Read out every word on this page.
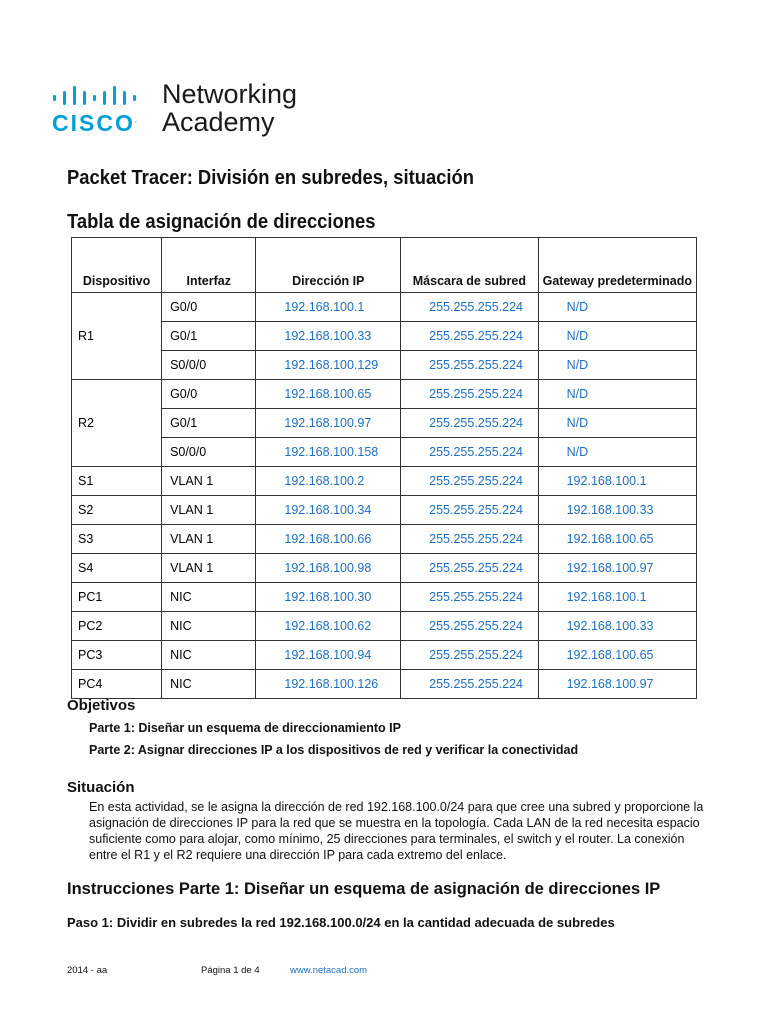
CISCO.
Networking
Academy
Packet Tracer: División en subredes, situación
Tabla de asignación de direcciones
Dispositivo	Interfaz	Dirección IP	Máscara de subred	Gateway predeterminado
R1	G0/0	192.168.100.1	255.255.255.224	N/D
	G0/1	192.168.100.33	255.255.255.224	N/D
	S0/0/0	192.168.100.129	255.255.255.224	N/D
R2	G0/0	192.168.100.65	255.255.255.224	N/D
	G0/1	192.168.100.97	255.255.255.224	N/D
	S0/0/0	192.168.100.158	255.255.255.224	N/D
S1	VLAN 1	192.168.100.2	255.255.255.224	192.168.100.1
S2	VLAN 1	192.168.100.34	255.255.255.224	192.168.100.33
S3	VLAN 1	192.168.100.66	255.255.255.224	192.168.100.65
S4	VLAN 1	192.168.100.98	255.255.255.224	192.168.100.97
PC1	NIC	192.168.100.30	255.255.255.224	192.168.100.1
PC2	NIC	192.168.100.62	255.255.255.224	192.168.100.33
PC3	NIC	192.168.100.94	255.255.255.224	192.168.100.65
PC4	NIC	192.168.100.126	255.255.255.224	192.168.100.97
Objetivos
Parte 1: Diseñar un esquema de direccionamiento IP
Parte 2: Asignar direcciones IP a los dispositivos de red y verificar la conectividad
Situación
En esta actividad, se le asigna la dirección de red 192.168.100.0/24 para que cree una subred y proporcione la asignación de direcciones IP para la red que se muestra en la topología. Cada LAN de la red necesita espacio suficiente como para alojar, como mínimo, 25 direcciones para terminales, el switch y el router. La conexión entre el R1 y el R2 requiere una dirección IP para cada extremo del enlace.
Instrucciones Parte 1: Diseñar un esquema de asignación de direcciones IP
Paso 1: Dividir en subredes la red 192.168.100.0/24 en la cantidad adecuada de subredes
2014 - aa	Página 1 de 4	www.netacad.com
